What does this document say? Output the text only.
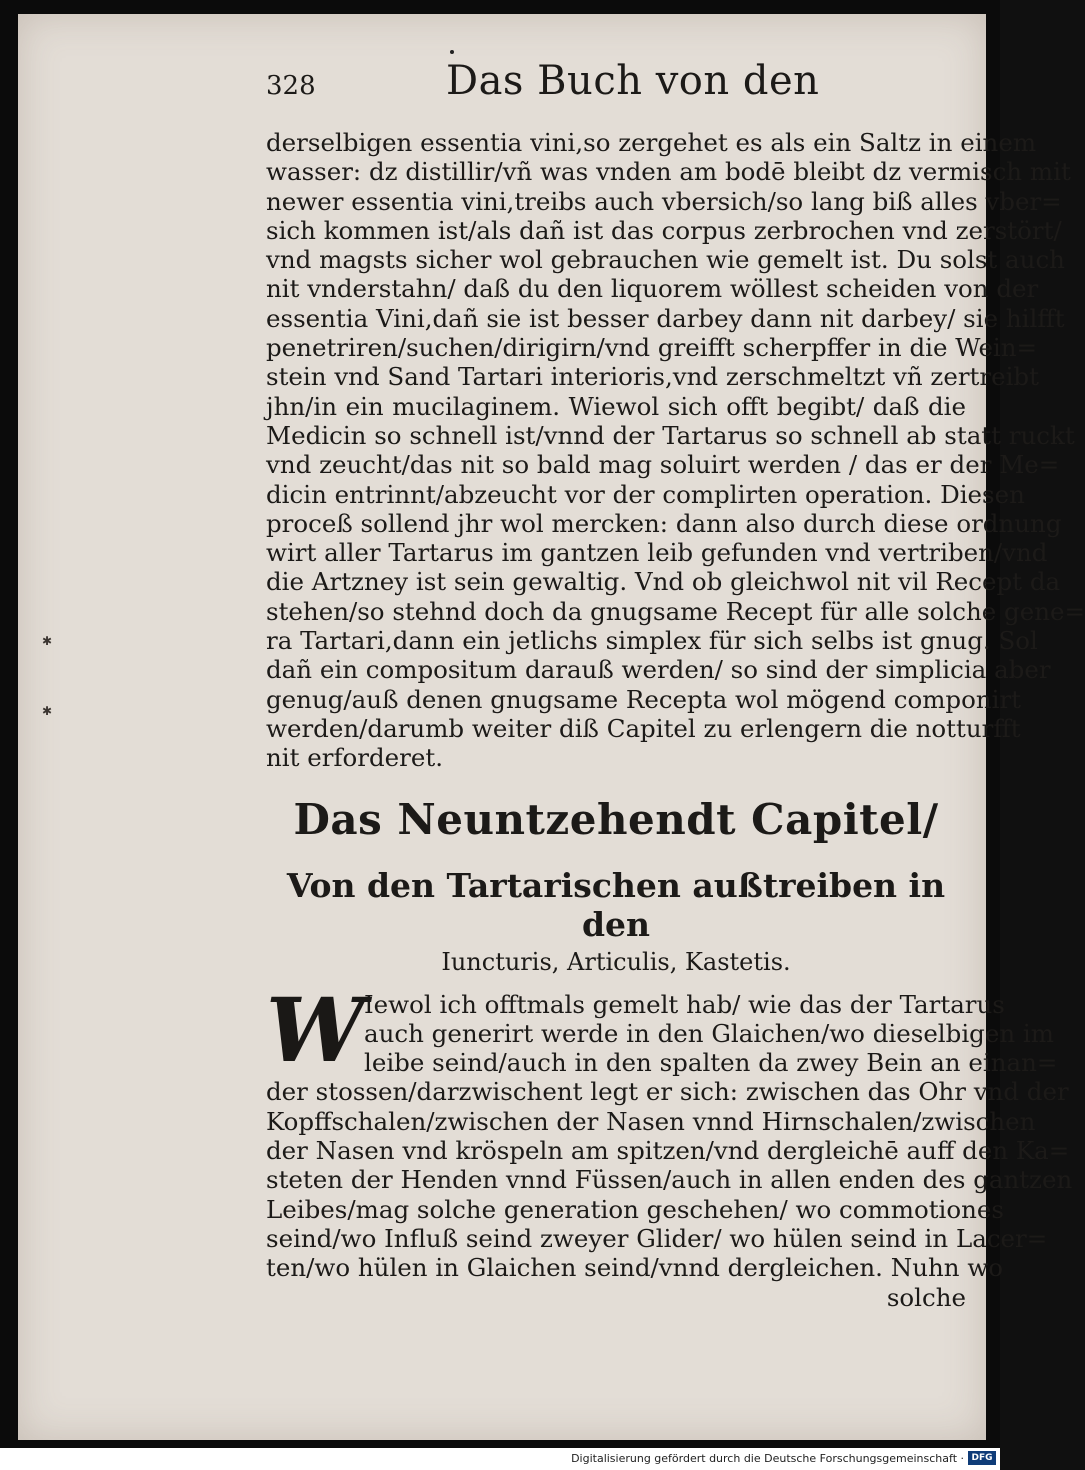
✱
✱
328	Das Buch von den
derselbigen essentia vini,so zergehet es als ein Saltz in einem
wasser: dz distillir/vñ was vnden am bodē bleibt dz vermisch mit
newer essentia vini,treibs auch vbersich/so lang biß alles vber=
sich kommen ist/als dañ ist das corpus zerbrochen vnd zerstört/
vnd magsts sicher wol gebrauchen wie gemelt ist. Du solst auch
nit vnderstahn/ daß du den liquorem wöllest scheiden von der
essentia Vini,dañ sie ist besser darbey dann nit darbey/ sie hilfft
penetriren/suchen/dirigirn/vnd greifft scherpffer in die Wein=
stein vnd Sand Tartari interioris,vnd zerschmeltzt vñ zertreibt
jhn/in ein mucilaginem. Wiewol sich offt begibt/ daß die
Medicin so schnell ist/vnnd der Tartarus so schnell ab statt ruckt
vnd zeucht/das nit so bald mag soluirt werden / das er der Me=
dicin entrinnt/abzeucht vor der complirten operation. Diesen
proceß sollend jhr wol mercken: dann also durch diese ordnung
wirt aller Tartarus im gantzen leib gefunden vnd vertriben/vnd
die Artzney ist sein gewaltig. Vnd ob gleichwol nit vil Recept da
stehen/so stehnd doch da gnugsame Recept für alle solche gene=
ra Tartari,dann ein jetlichs simplex für sich selbs ist gnug. Sol
dañ ein compositum darauß werden/ so sind der simplicia aber
genug/auß denen gnugsame Recepta wol mögend componirt
werden/darumb weiter diß Capitel zu erlengern die notturfft
nit erforderet.
Das Neuntzehendt Capitel/
Von den Tartarischen außtreiben in den
Iuncturis, Articulis, Kastetis.
W Iewol ich offtmals gemelt hab/ wie das der Tartarus
auch generirt werde in den Glaichen/wo dieselbigen im
leibe seind/auch in den spalten da zwey Bein an einan=
der stossen/darzwischent legt er sich: zwischen das Ohr vnd der
Kopffschalen/zwischen der Nasen vnnd Hirnschalen/zwischen
der Nasen vnd kröspeln am spitzen/vnd dergleichē auff den Ka=
steten der Henden vnnd Füssen/auch in allen enden des gantzen
Leibes/mag solche generation geschehen/ wo commotiones
seind/wo Influß seind zweyer Glider/ wo hülen seind in Lacer=
ten/wo hülen in Glaichen seind/vnnd dergleichen. Nuhn wo
solche
Digitalisierung gefördert durch die Deutsche Forschungsgemeinschaft · DFG
